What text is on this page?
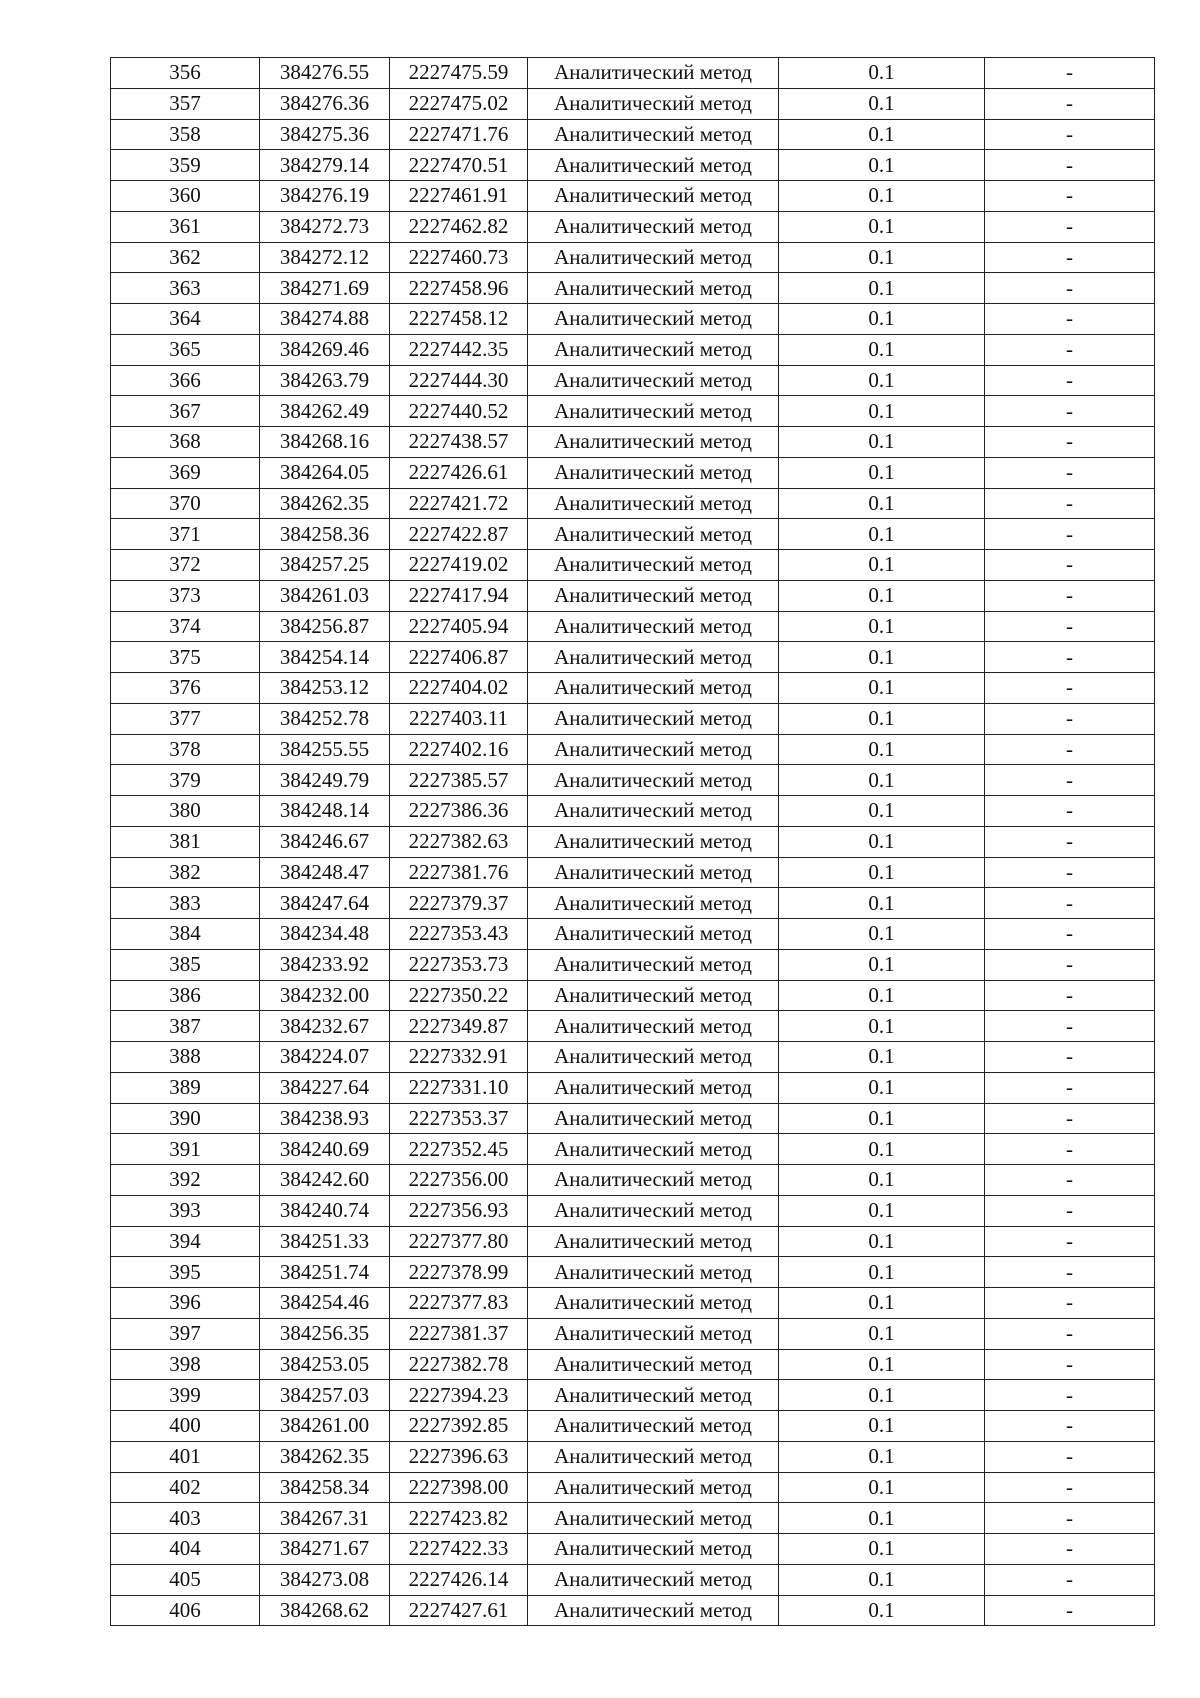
356	384276.55	2227475.59	Аналитический метод	0.1	-
357	384276.36	2227475.02	Аналитический метод	0.1	-
358	384275.36	2227471.76	Аналитический метод	0.1	-
359	384279.14	2227470.51	Аналитический метод	0.1	-
360	384276.19	2227461.91	Аналитический метод	0.1	-
361	384272.73	2227462.82	Аналитический метод	0.1	-
362	384272.12	2227460.73	Аналитический метод	0.1	-
363	384271.69	2227458.96	Аналитический метод	0.1	-
364	384274.88	2227458.12	Аналитический метод	0.1	-
365	384269.46	2227442.35	Аналитический метод	0.1	-
366	384263.79	2227444.30	Аналитический метод	0.1	-
367	384262.49	2227440.52	Аналитический метод	0.1	-
368	384268.16	2227438.57	Аналитический метод	0.1	-
369	384264.05	2227426.61	Аналитический метод	0.1	-
370	384262.35	2227421.72	Аналитический метод	0.1	-
371	384258.36	2227422.87	Аналитический метод	0.1	-
372	384257.25	2227419.02	Аналитический метод	0.1	-
373	384261.03	2227417.94	Аналитический метод	0.1	-
374	384256.87	2227405.94	Аналитический метод	0.1	-
375	384254.14	2227406.87	Аналитический метод	0.1	-
376	384253.12	2227404.02	Аналитический метод	0.1	-
377	384252.78	2227403.11	Аналитический метод	0.1	-
378	384255.55	2227402.16	Аналитический метод	0.1	-
379	384249.79	2227385.57	Аналитический метод	0.1	-
380	384248.14	2227386.36	Аналитический метод	0.1	-
381	384246.67	2227382.63	Аналитический метод	0.1	-
382	384248.47	2227381.76	Аналитический метод	0.1	-
383	384247.64	2227379.37	Аналитический метод	0.1	-
384	384234.48	2227353.43	Аналитический метод	0.1	-
385	384233.92	2227353.73	Аналитический метод	0.1	-
386	384232.00	2227350.22	Аналитический метод	0.1	-
387	384232.67	2227349.87	Аналитический метод	0.1	-
388	384224.07	2227332.91	Аналитический метод	0.1	-
389	384227.64	2227331.10	Аналитический метод	0.1	-
390	384238.93	2227353.37	Аналитический метод	0.1	-
391	384240.69	2227352.45	Аналитический метод	0.1	-
392	384242.60	2227356.00	Аналитический метод	0.1	-
393	384240.74	2227356.93	Аналитический метод	0.1	-
394	384251.33	2227377.80	Аналитический метод	0.1	-
395	384251.74	2227378.99	Аналитический метод	0.1	-
396	384254.46	2227377.83	Аналитический метод	0.1	-
397	384256.35	2227381.37	Аналитический метод	0.1	-
398	384253.05	2227382.78	Аналитический метод	0.1	-
399	384257.03	2227394.23	Аналитический метод	0.1	-
400	384261.00	2227392.85	Аналитический метод	0.1	-
401	384262.35	2227396.63	Аналитический метод	0.1	-
402	384258.34	2227398.00	Аналитический метод	0.1	-
403	384267.31	2227423.82	Аналитический метод	0.1	-
404	384271.67	2227422.33	Аналитический метод	0.1	-
405	384273.08	2227426.14	Аналитический метод	0.1	-
406	384268.62	2227427.61	Аналитический метод	0.1	-
